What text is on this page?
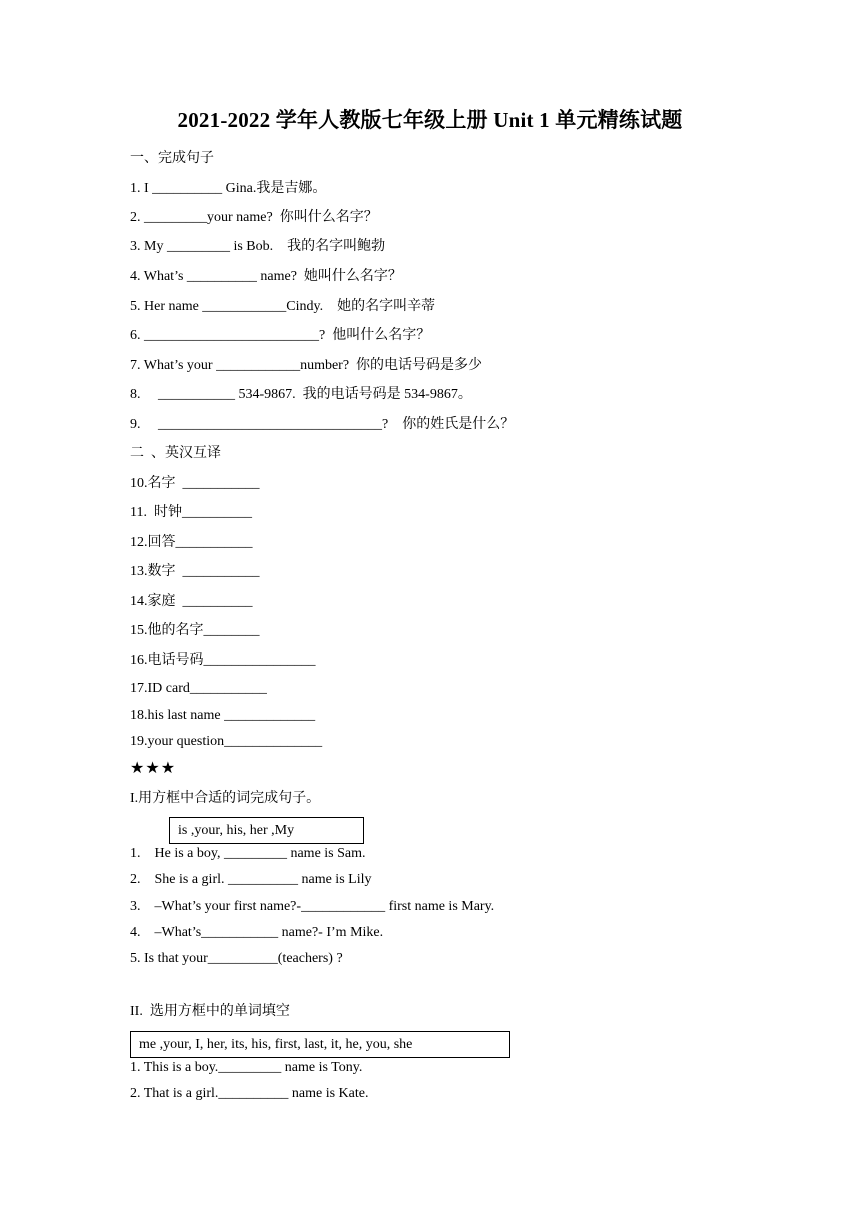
2021-2022 学年人教版七年级上册 Unit 1 单元精练试题
一、完成句子
1. I __________ Gina.我是吉娜。
2. _________your name?  你叫什么名字？
3. My _________ is Bob.    我的名字叫鲍勃
4. What’s __________ name?  她叫什么名字？
5. Her name ____________Cindy.    她的名字叫辛蒂
6. _________________________?  他叫什么名字？
7. What’s your ____________number?  你的电话号码是多少
8.     ___________ 534-9867.  我的电话号码是 534-9867。
9.     ________________________________?    你的姓氏是什么？
二  、英汉互译
10.名字  ___________
11.  时钟__________
12.回答___________
13.数字  ___________
14.家庭  __________
15.他的名字________
16.电话号码________________
17.ID card___________
18.his last name _____________
19.your question______________
★★★
I.用方框中合适的词完成句子。
is ,your, his, her ,My
1.    He is a boy, _________ name is Sam.
2.    She is a girl. __________ name is Lily
3.    –What’s your first name?-____________ first name is Mary.
4.    –What’s___________ name?- I’m Mike.
5. Is that your__________(teachers) ?
II.  选用方框中的单词填空
me ,your, I, her, its, his, first, last, it, he, you, she
1. This is a boy._________ name is Tony.
2. That is a girl.__________ name is Kate.
